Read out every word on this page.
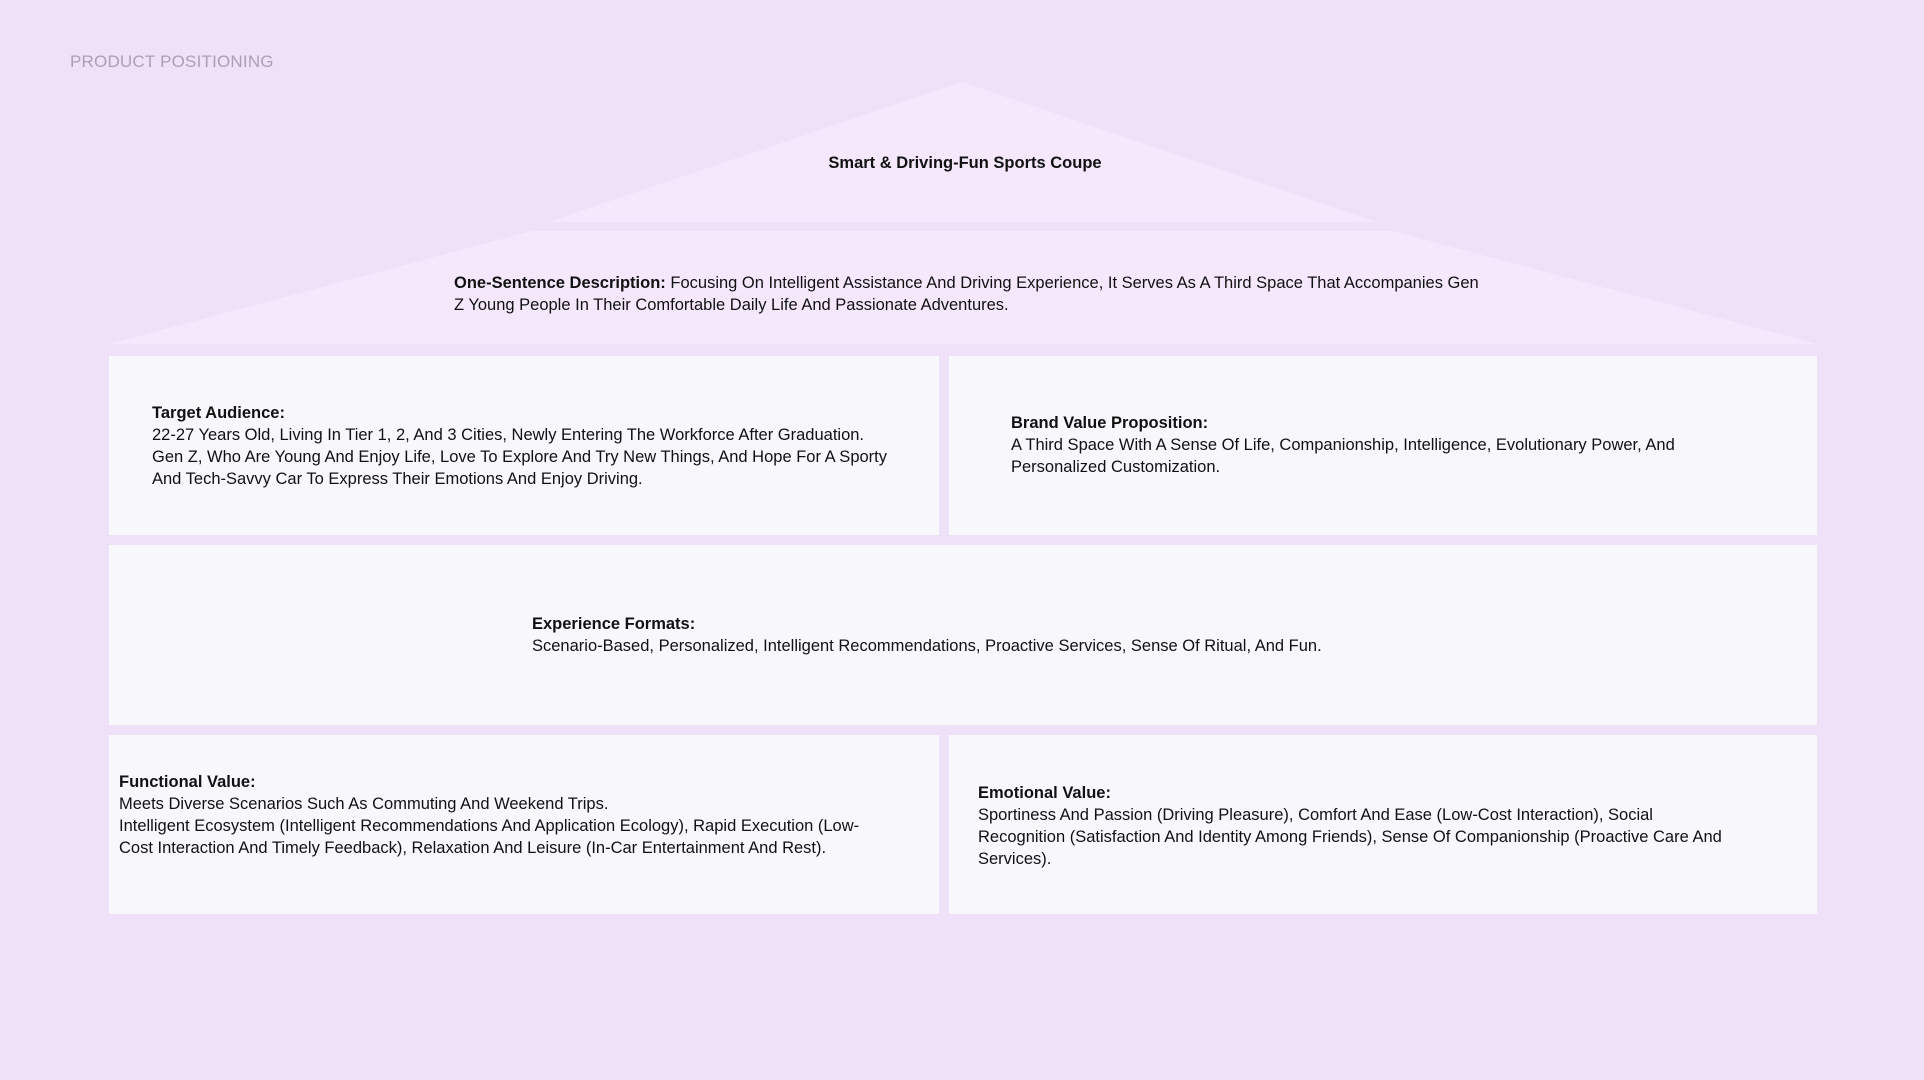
PRODUCT POSITIONING
Smart & Driving-Fun Sports Coupe
One-Sentence Description: Focusing On Intelligent Assistance And Driving Experience, It Serves As A Third Space That Accompanies Gen Z Young People In Their Comfortable Daily Life And Passionate Adventures.
Target Audience:
22-27 Years Old, Living In Tier 1, 2, And 3 Cities, Newly Entering The Workforce After Graduation.
Gen Z, Who Are Young And Enjoy Life, Love To Explore And Try New Things, And Hope For A Sporty And Tech-Savvy Car To Express Their Emotions And Enjoy Driving.
Brand Value Proposition:
A Third Space With A Sense Of Life, Companionship, Intelligence, Evolutionary Power, And Personalized Customization.
Experience Formats:
Scenario-Based, Personalized, Intelligent Recommendations, Proactive Services, Sense Of Ritual, And Fun.
Functional Value:
Meets Diverse Scenarios Such As Commuting And Weekend Trips.
Intelligent Ecosystem (Intelligent Recommendations And Application Ecology), Rapid Execution (Low-Cost Interaction And Timely Feedback), Relaxation And Leisure (In-Car Entertainment And Rest).
Emotional Value:
Sportiness And Passion (Driving Pleasure), Comfort And Ease (Low-Cost Interaction), Social Recognition (Satisfaction And Identity Among Friends), Sense Of Companionship (Proactive Care And Services).
